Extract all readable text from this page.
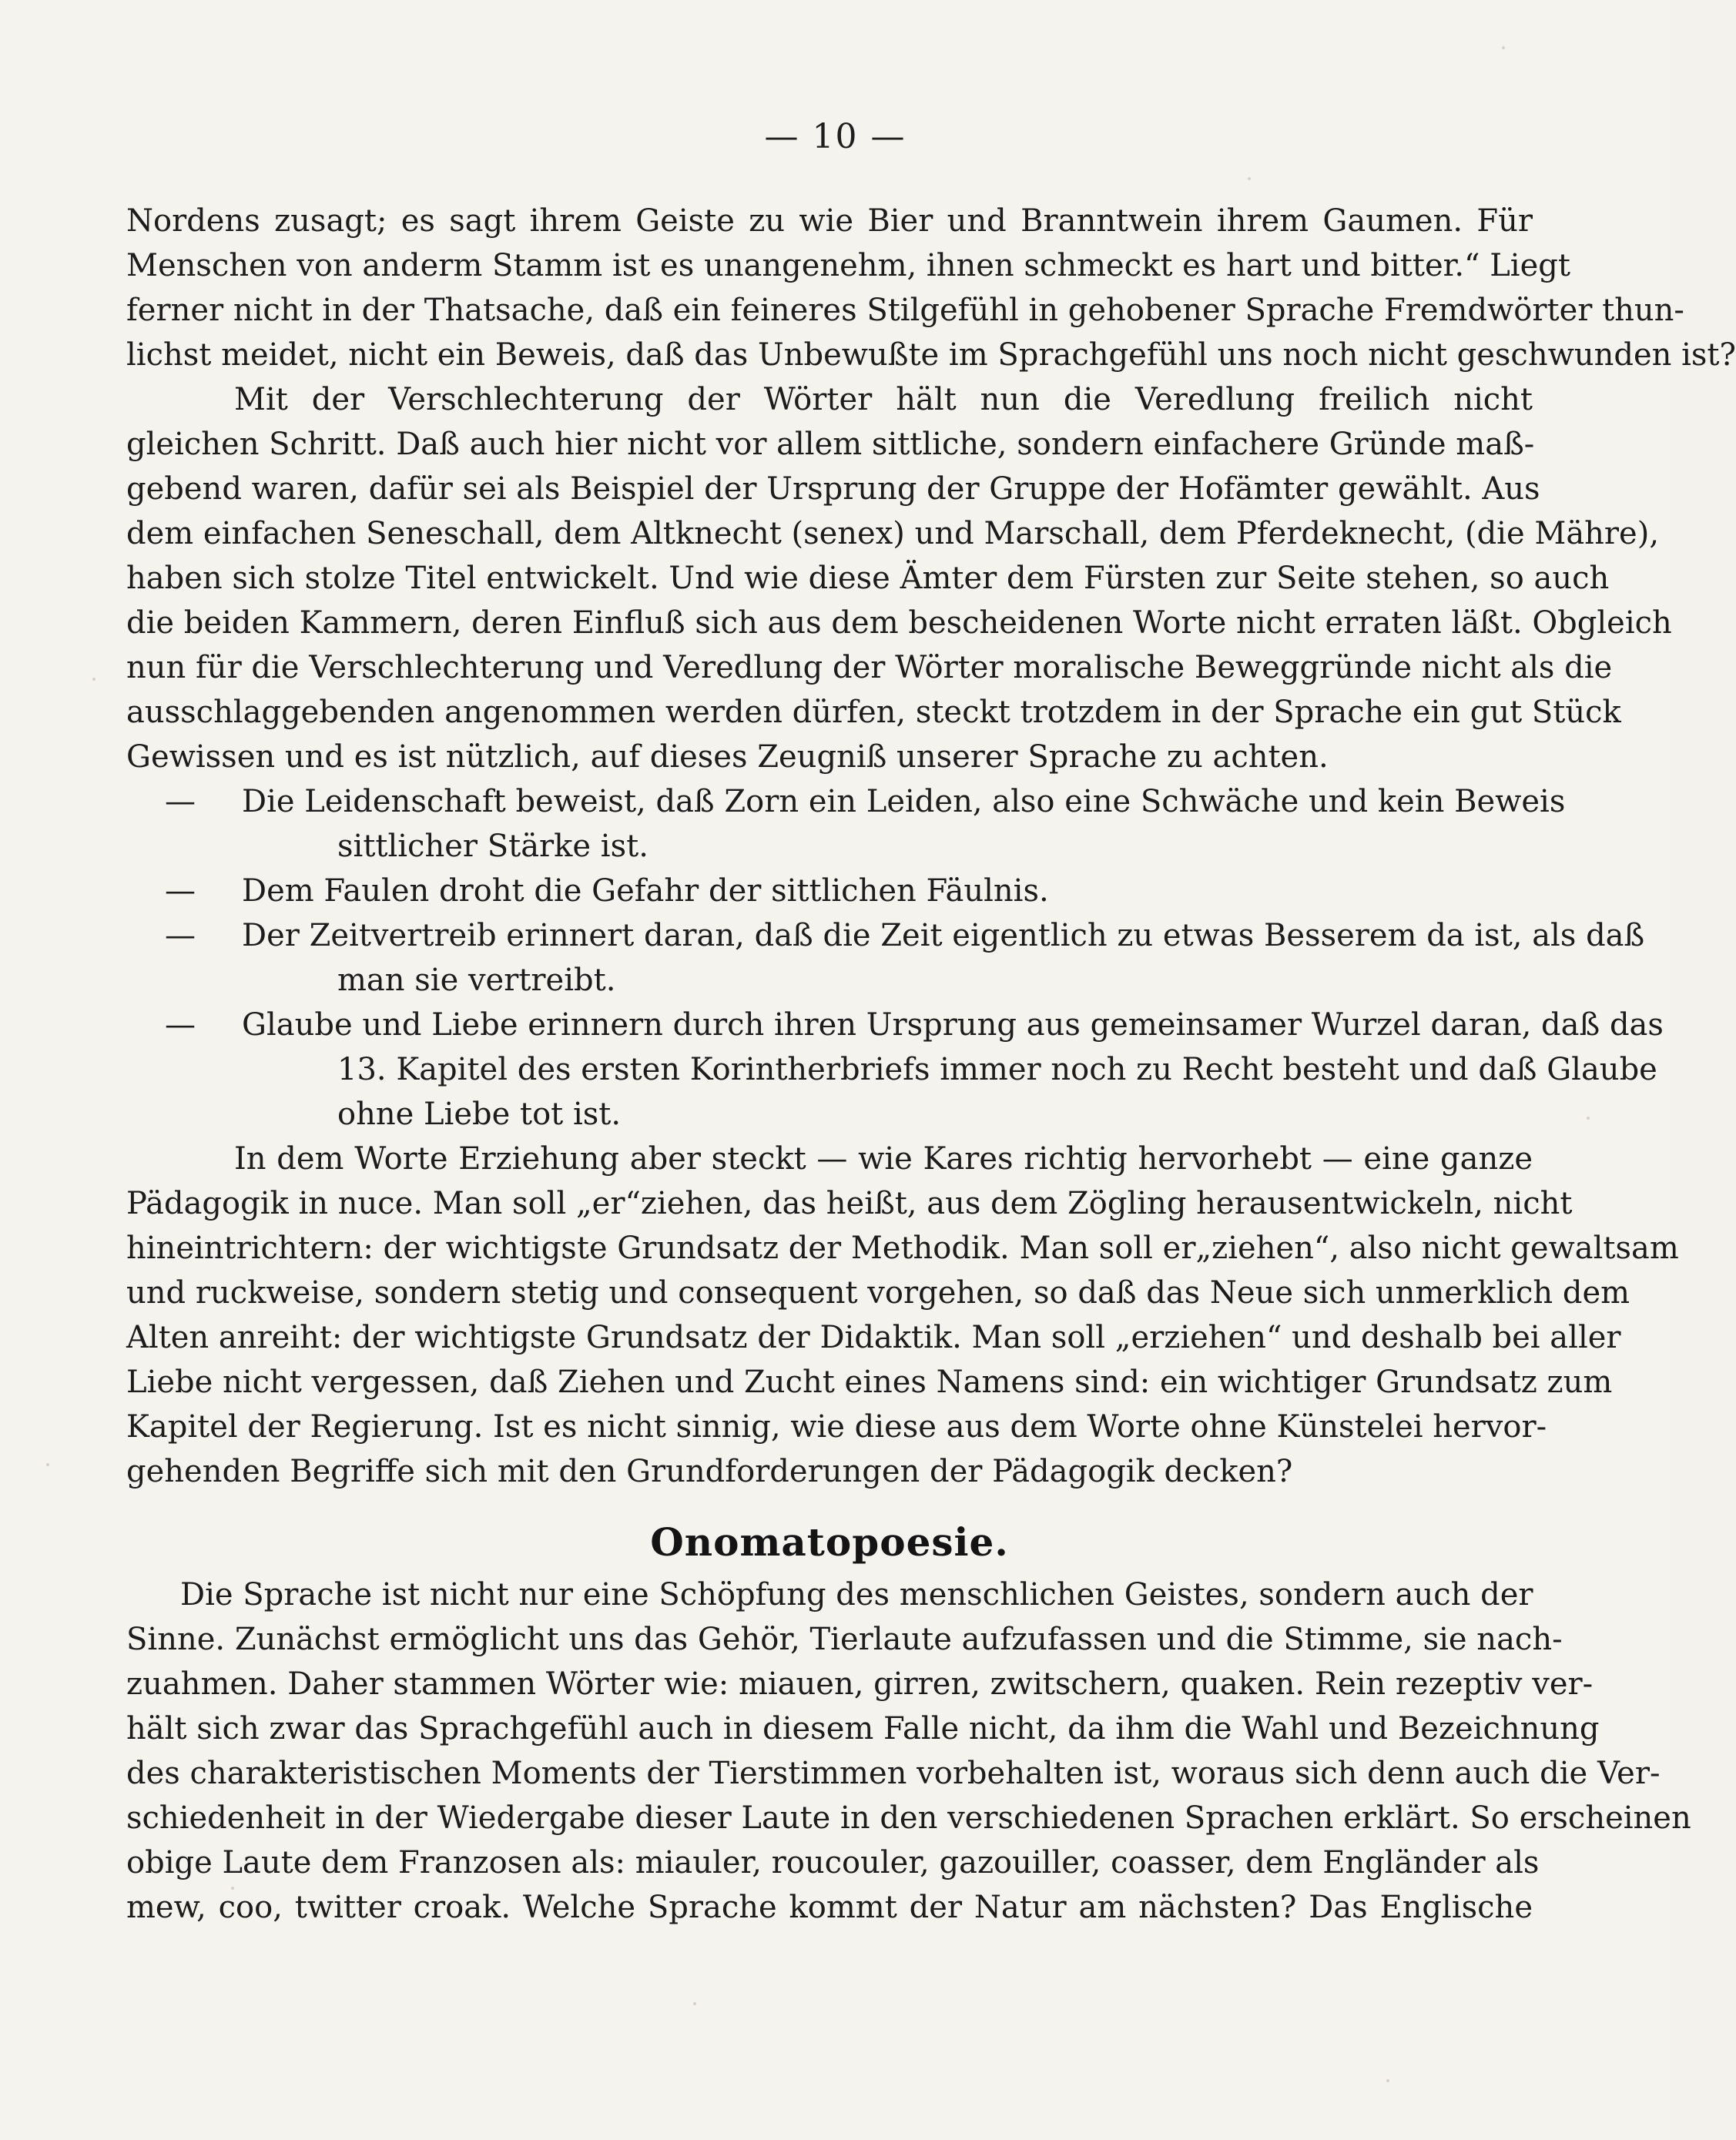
— 10 —
Nordens zusagt; es sagt ihrem Geiste zu wie Bier und Branntwein ihrem Gaumen. Für
Menschen von anderm Stamm ist es unangenehm, ihnen schmeckt es hart und bitter.“ Liegt
ferner nicht in der Thatsache, daß ein feineres Stilgefühl in gehobener Sprache Fremdwörter thun-
lichst meidet, nicht ein Beweis, daß das Unbewußte im Sprachgefühl uns noch nicht geschwunden ist?
Mit der Verschlechterung der Wörter hält nun die Veredlung freilich nicht
gleichen Schritt. Daß auch hier nicht vor allem sittliche, sondern einfachere Gründe maß-
gebend waren, dafür sei als Beispiel der Ursprung der Gruppe der Hofämter gewählt. Aus
dem einfachen Seneschall, dem Altknecht (senex) und Marschall, dem Pferdeknecht, (die Mähre),
haben sich stolze Titel entwickelt. Und wie diese Ämter dem Fürsten zur Seite stehen, so auch
die beiden Kammern, deren Einfluß sich aus dem bescheidenen Worte nicht erraten läßt. Obgleich
nun für die Verschlechterung und Veredlung der Wörter moralische Beweggründe nicht als die
ausschlaggebenden angenommen werden dürfen, steckt trotzdem in der Sprache ein gut Stück
Gewissen und es ist nützlich, auf dieses Zeugniß unserer Sprache zu achten.
—	Die Leidenschaft beweist, daß Zorn ein Leiden, also eine Schwäche und kein Beweis
sittlicher Stärke ist.
—	Dem Faulen droht die Gefahr der sittlichen Fäulnis.
—	Der Zeitvertreib erinnert daran, daß die Zeit eigentlich zu etwas Besserem da ist, als daß
man sie vertreibt.
—	Glaube und Liebe erinnern durch ihren Ursprung aus gemeinsamer Wurzel daran, daß das
13. Kapitel des ersten Korintherbriefs immer noch zu Recht besteht und daß Glaube
ohne Liebe tot ist.
In dem Worte Erziehung aber steckt — wie Kares richtig hervorhebt — eine ganze
Pädagogik in nuce. Man soll „er“ziehen, das heißt, aus dem Zögling herausentwickeln, nicht
hineintrichtern: der wichtigste Grundsatz der Methodik. Man soll er„ziehen“, also nicht gewaltsam
und ruckweise, sondern stetig und consequent vorgehen, so daß das Neue sich unmerklich dem
Alten anreiht: der wichtigste Grundsatz der Didaktik. Man soll „erziehen“ und deshalb bei aller
Liebe nicht vergessen, daß Ziehen und Zucht eines Namens sind: ein wichtiger Grundsatz zum
Kapitel der Regierung. Ist es nicht sinnig, wie diese aus dem Worte ohne Künstelei hervor-
gehenden Begriffe sich mit den Grundforderungen der Pädagogik decken?
Onomatopoesie.
Die Sprache ist nicht nur eine Schöpfung des menschlichen Geistes, sondern auch der
Sinne. Zunächst ermöglicht uns das Gehör, Tierlaute aufzufassen und die Stimme, sie nach-
zuahmen. Daher stammen Wörter wie: miauen, girren, zwitschern, quaken. Rein rezeptiv ver-
hält sich zwar das Sprachgefühl auch in diesem Falle nicht, da ihm die Wahl und Bezeichnung
des charakteristischen Moments der Tierstimmen vorbehalten ist, woraus sich denn auch die Ver-
schiedenheit in der Wiedergabe dieser Laute in den verschiedenen Sprachen erklärt. So erscheinen
obige Laute dem Franzosen als: miauler, roucouler, gazouiller, coasser, dem Engländer als
mew, coo, twitter croak. Welche Sprache kommt der Natur am nächsten? Das Englische
